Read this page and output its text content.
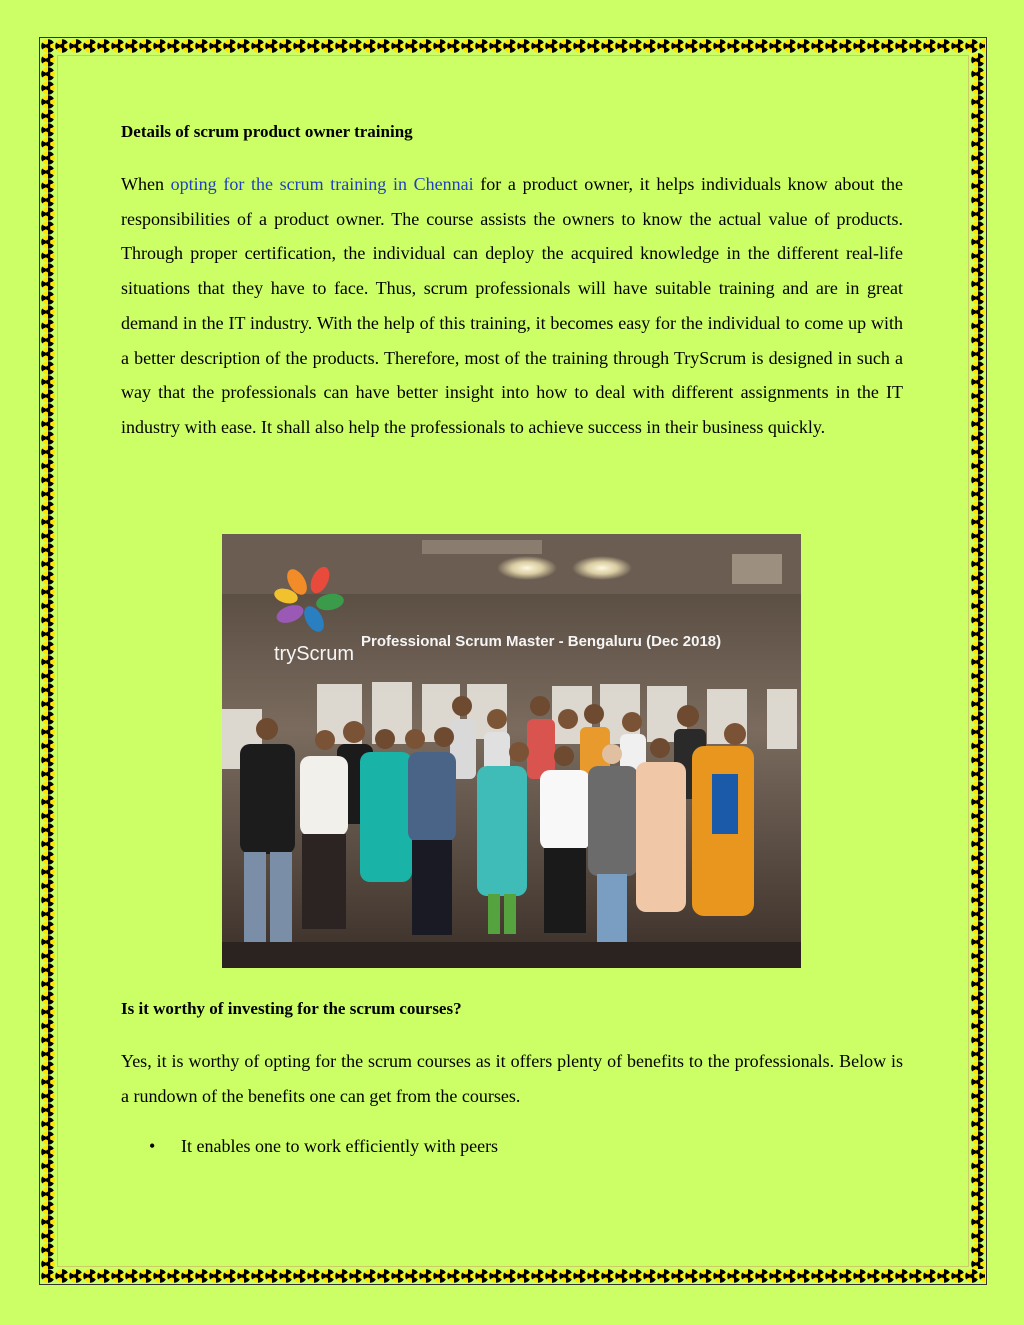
Details of scrum product owner training

When opting for the scrum training in Chennai for a product owner, it helps individuals know about the responsibilities of a product owner. The course assists the owners to know the actual value of products. Through proper certification, the individual can deploy the acquired knowledge in the different real-life situations that they have to face. Thus, scrum professionals will have suitable training and are in great demand in the IT industry. With the help of this training, it becomes easy for the individual to come up with a better description of the products. Therefore, most of the training through TryScrum is designed in such a way that the professionals can have better insight into how to deal with different assignments in the IT industry with ease. It shall also help the professionals to achieve success in their business quickly.

tryScrum
Professional Scrum Master - Bengaluru (Dec 2018)
Is it worthy of investing for the scrum courses?

Yes, it is worthy of opting for the scrum courses as it offers plenty of benefits to the professionals. Below is a rundown of the benefits one can get from the courses.

• It enables one to work efficiently with peers
